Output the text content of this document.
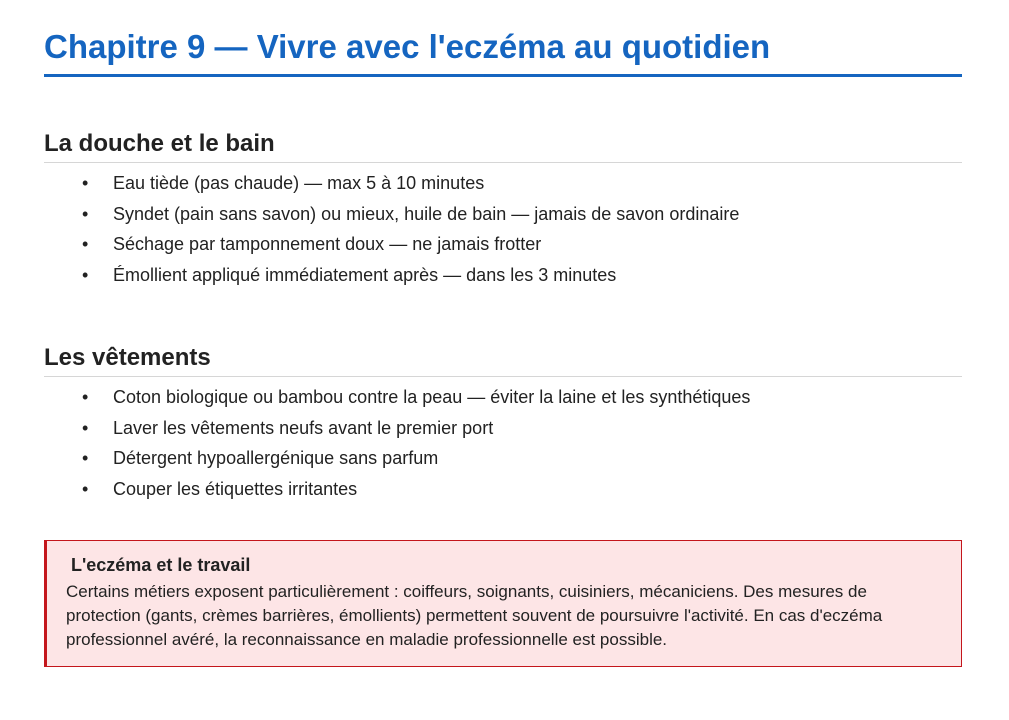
Chapitre 9 — Vivre avec l'eczéma au quotidien
La douche et le bain
• Eau tiède (pas chaude) — max 5 à 10 minutes
• Syndet (pain sans savon) ou mieux, huile de bain — jamais de savon ordinaire
• Séchage par tamponnement doux — ne jamais frotter
• Émollient appliqué immédiatement après — dans les 3 minutes
Les vêtements
• Coton biologique ou bambou contre la peau — éviter la laine et les synthétiques
• Laver les vêtements neufs avant le premier port
• Détergent hypoallergénique sans parfum
• Couper les étiquettes irritantes
L'eczéma et le travail

Certains métiers exposent particulièrement : coiffeurs, soignants, cuisiniers, mécaniciens. Des mesures de protection (gants, crèmes barrières, émollients) permettent souvent de poursuivre l'activité. En cas d'eczéma professionnel avéré, la reconnaissance en maladie professionnelle est possible.
